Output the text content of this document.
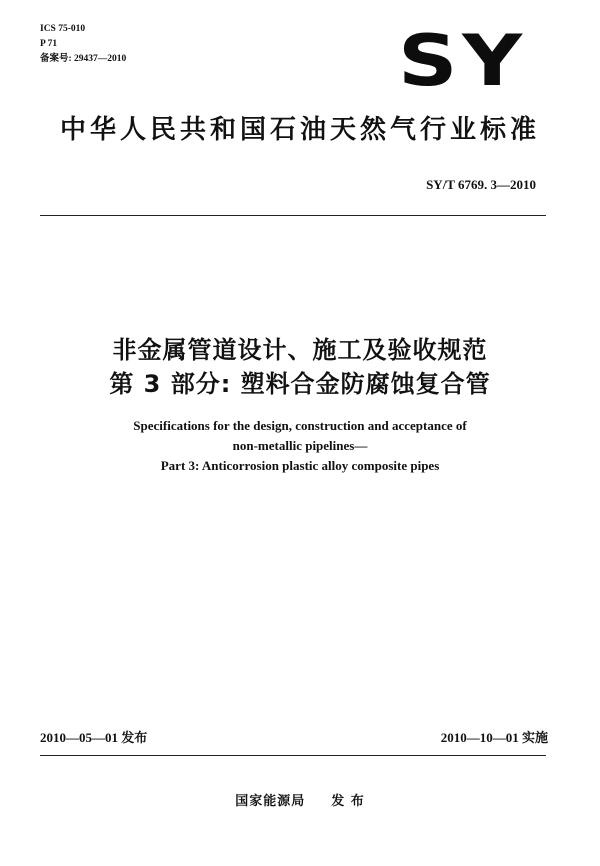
ICS 75-010
P 71
备案号: 29437—2010	SY
中华人民共和国石油天然气行业标准
SY/T 6769. 3—2010
非金属管道设计、施工及验收规范
第 3 部分: 塑料合金防腐蚀复合管
Specifications for the design, construction and acceptance of
non-metallic pipelines—
Part 3: Anticorrosion plastic alloy composite pipes
2010—05—01 发布	2010—10—01 实施
国家能源局 发 布
